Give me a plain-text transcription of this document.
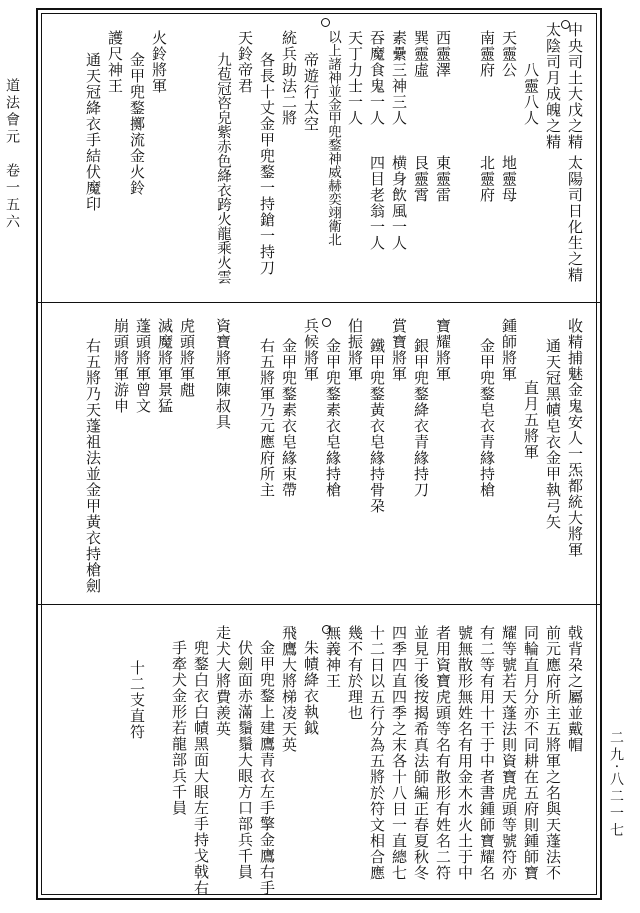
道法會元　卷一五六
二九·八二一七
中央司土大戊之精
太陰司月成魄之精
八靈八人
天靈公
南靈府
太陽司日化生之精
地靈母
北靈府
西靈澤
巽靈虛
素纍三神三人
吞魔食鬼一人
天丁力士一人
東靈雷
艮靈霄
横身飲風一人
四目老翁一人
以上諸神並金甲兜鍪神威赫奕翊衛北
帝遊行太空
統兵助法二將
各長十丈金甲兜鍪一持鎗一持刀
天鈴帝君
九苞冠咨皃紫赤色絳衣跨火龍乘火雲
火鈴將軍
金甲兜鍪擲流金火鈴
護尺神王
通天冠絳衣手結伏魔印
收精捕魅金鬼安人一炁都統大將軍
通天冠黑幘皂衣金甲執弓矢
直月五將軍
鍾師將軍
金甲兜鍪皂衣青緣持槍
寶耀將軍
銀甲兜鍪絳衣青緣持刀
賞寶將軍
鐵甲兜鍪黃衣皂緣持骨朶
伯振將軍
金甲兜鍪素衣皂緣持槍
兵候將軍
金甲兜鍪素衣皂緣束帶
右五將軍乃元應府所主
資寶將軍陳叔具
虎頭將軍甝
滅魔將軍景猛
蓬頭將軍曾文
崩頭將軍游申
右五將乃天蓬祖法並金甲黃衣持槍劍
戟背朶之屬並戴帽
前元應府所主五將軍之名與天蓬法不
同輪直月分亦不同耕在五府則鍾師寶
耀等號若天蓬法則資寶虎頭等號符亦
有二等有用十干于中者書鍾師寶耀名
號無散形無姓名有用金木水火土于中
者用資寶虎頭等名有散形有姓名二符
並見于後按揭希真法師編正春夏秋冬
四季四直四季之末各十八日一直總七
十二日以五行分為五將於符文相合應
幾不有於理也
無義神王
朱幘絳衣執鉞
飛鷹大將梯凌天英
金甲兜鍪上建鷹青衣左手擎金鷹右手
伏劍面赤滿鬚鬚大眼方口部兵千員
走犬大將費羨英
兜鍪白衣白幘黑面大眼左手持戈戟右
手牽犬金形若龍部兵千員
十二支直符
